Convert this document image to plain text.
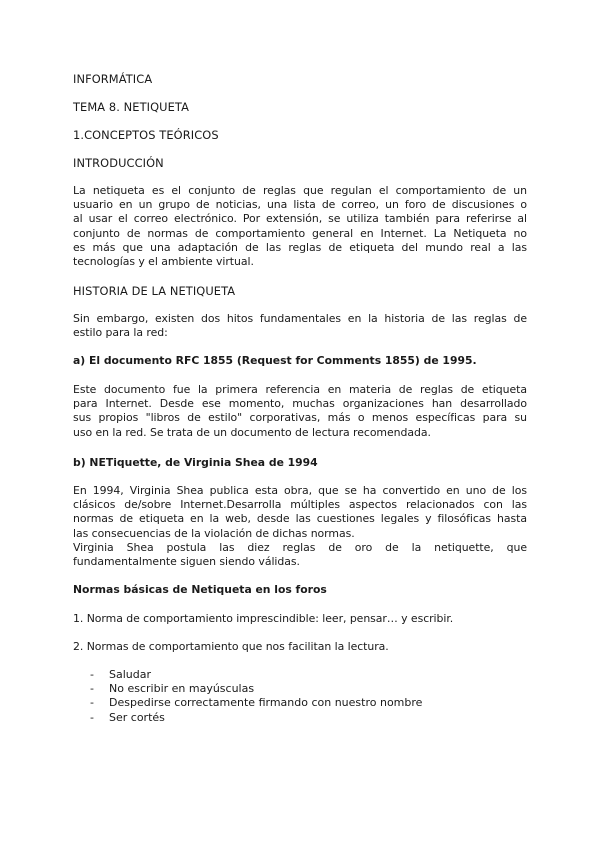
INFORMÁTICA

TEMA 8. NETIQUETA

1.CONCEPTOS TEÓRICOS

INTRODUCCIÓN

La netiqueta es el conjunto de reglas que regulan el comportamiento de un
usuario en un grupo de noticias, una lista de correo, un foro de discusiones o
al usar el correo electrónico. Por extensión, se utiliza también para referirse al
conjunto de normas de comportamiento general en Internet. La Netiqueta no
es más que una adaptación de las reglas de etiqueta del mundo real a las
tecnologías y el ambiente virtual.

HISTORIA DE LA NETIQUETA

Sin embargo, existen dos hitos fundamentales en la historia de las reglas de
estilo para la red:

a) El documento RFC 1855 (Request for Comments 1855) de 1995.

Este documento fue la primera referencia en materia de reglas de etiqueta
para Internet. Desde ese momento, muchas organizaciones han desarrollado
sus propios "libros de estilo" corporativas, más o menos específicas para su
uso en la red. Se trata de un documento de lectura recomendada.

b) NETiquette, de Virginia Shea de 1994

En 1994, Virginia Shea publica esta obra, que se ha convertido en uno de los
clásicos de/sobre Internet.Desarrolla múltiples aspectos relacionados con las
normas de etiqueta en la web, desde las cuestiones legales y filosóficas hasta
las consecuencias de la violación de dichas normas.
Virginia Shea postula las diez reglas de oro de la netiquette, que
fundamentalmente siguen siendo válidas.

Normas básicas de Netiqueta en los foros

1. Norma de comportamiento imprescindible: leer, pensar… y escribir.

2. Normas de comportamiento que nos facilitan la lectura.

- Saludar
- No escribir en mayúsculas
- Despedirse correctamente firmando con nuestro nombre
- Ser cortés
